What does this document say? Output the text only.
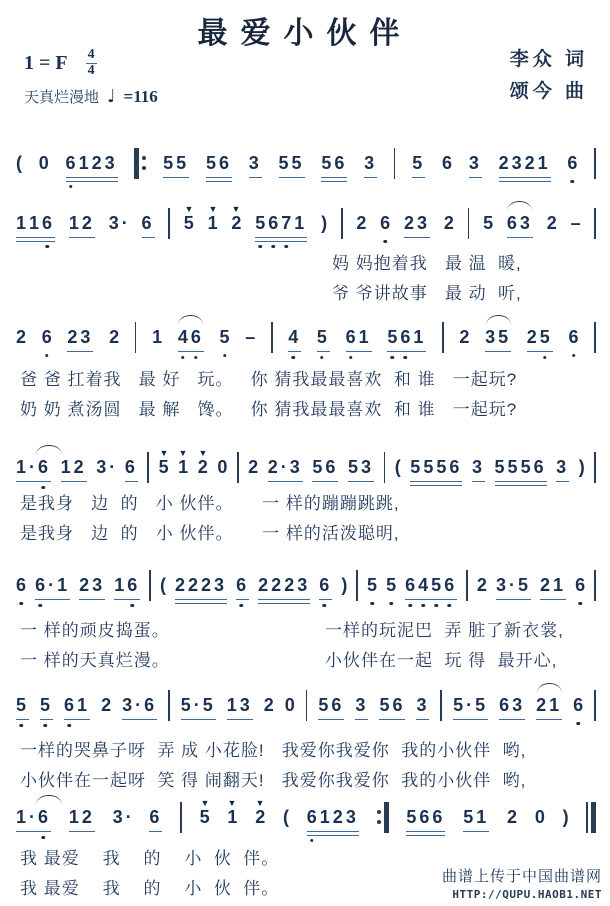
最爱小伙伴
李众 词
颂今 曲
1 = F $\frac{4}{4}$
天真烂漫地 ♩ =116
( 0 6 1 2 3	5 5 5 6 3 5 5 5 6 3 5 6 3 2 3 2 1 6
1 1 6 1 2 3 · 6 ▼ 5 ▼ 1 ▼ 2 5 6 7 1 ) 2 6 2 3 2 5 6 3 2 –
2 6 2 3 2 1 4 6 5 – 4 5 6 1 5 6 1 2 3 5 2 5 6
1 · 6 1 2 3 · 6 ▼ 5 ▼ 1 ▼ 2 0 2 2 · 3 5 6 5 3 ( 5 5 5 6 3 5 5 5 6 3 )
6 6 · 1 2 3 1 6 ( 2 2 2 3 6 2 2 2 3 6 ) 5 5 6 4 5 6 2 3 · 5 2 1 6
5 5 6 1 2 3 · 6 5 · 5 1 3 2 0 5 6 3 5 6 3 5 · 5 6 3 2 1 6
1 · 6 1 2 3 · 6 ▼ 5 ▼ 1 ▼ 2 ( 6 1 2 3	5 6 6 5 1 2 0 )
妈 妈抱着我   最 温  暖,
爷 爷讲故事   最 动  听,
爸 爸 扛着我   最 好   玩。   你 猜我最最喜欢  和 谁   一起玩?
奶 奶 煮汤圆   最 解   馋。   你 猜我最最喜欢  和 谁   一起玩?
是我身   边  的   小 伙伴。     一 样的蹦蹦跳跳,
是我身   边  的   小 伙伴。     一 样的活泼聪明,
一 样的顽皮捣蛋。	一样的玩泥巴  弄 脏了新衣裳,
一 样的天真烂漫。	小伙伴在一起  玩 得  最开心,
一样的哭鼻子呀  弄 成 小花脸!   我爱你我爱你  我的小伙伴  哟,
小伙伴在一起呀  笑 得 闹翻天!   我爱你我爱你  我的小伙伴  哟,
我 最爱    我    的    小  伙  伴。
我 最爱    我    的    小  伙  伴。
曲谱上传于中国曲谱网
HTTP://QUPU.HAOB1.NET
